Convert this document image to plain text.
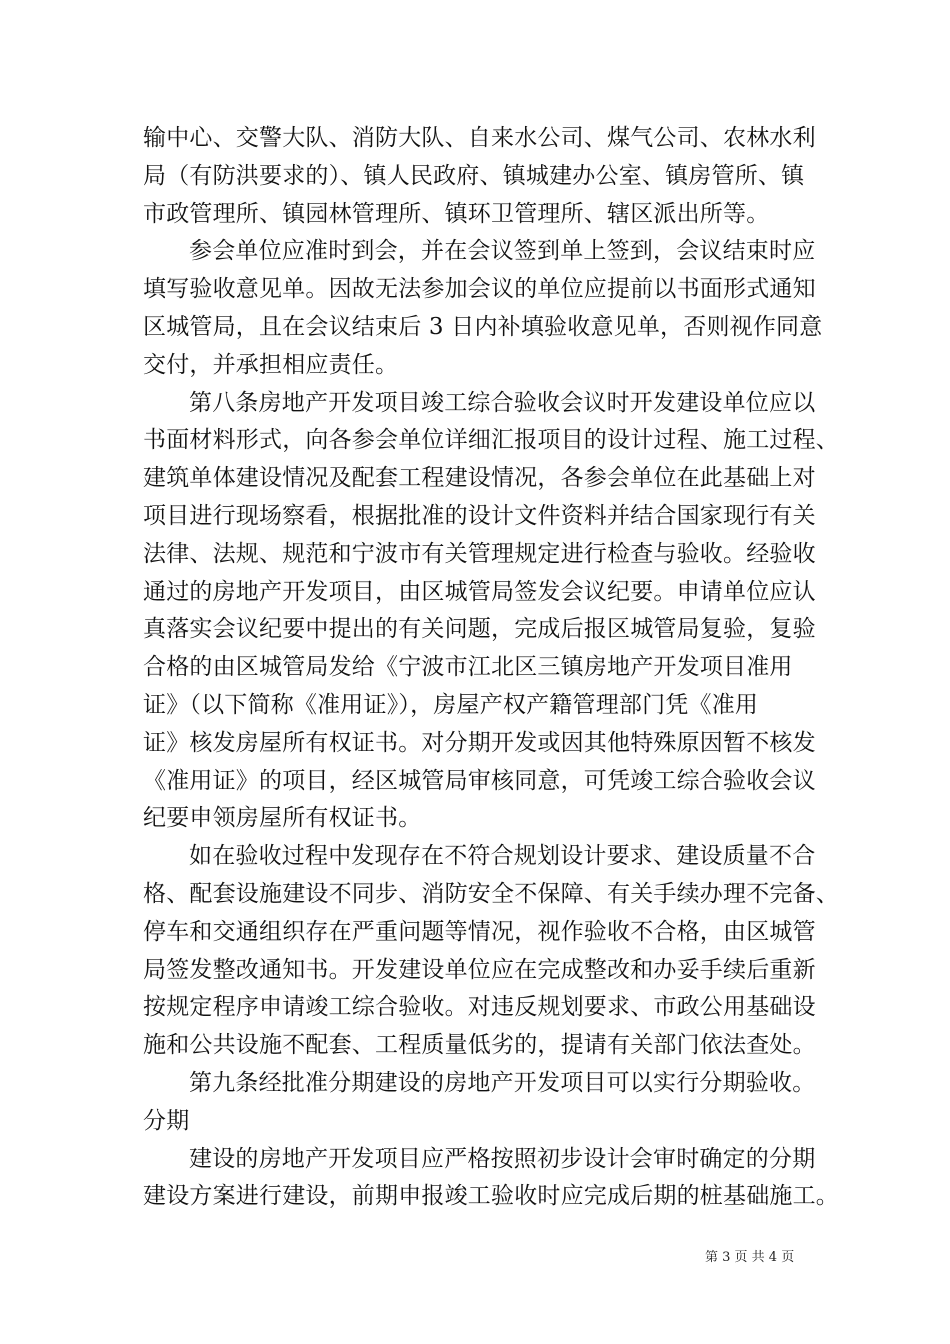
输中心、交警大队、消防大队、自来水公司、煤气公司、农林水利
局（有防洪要求的）、镇人民政府、镇城建办公室、镇房管所、镇
市政管理所、镇园林管理所、镇环卫管理所、辖区派出所等。
参会单位应准时到会，并在会议签到单上签到，会议结束时应
填写验收意见单。因故无法参加会议的单位应提前以书面形式通知
区城管局，且在会议结束后 3 日内补填验收意见单，否则视作同意
交付，并承担相应责任。
第八条房地产开发项目竣工综合验收会议时开发建设单位应以
书面材料形式，向各参会单位详细汇报项目的设计过程、施工过程、
建筑单体建设情况及配套工程建设情况，各参会单位在此基础上对
项目进行现场察看，根据批准的设计文件资料并结合国家现行有关
法律、法规、规范和宁波市有关管理规定进行检查与验收。经验收
通过的房地产开发项目，由区城管局签发会议纪要。申请单位应认
真落实会议纪要中提出的有关问题，完成后报区城管局复验，复验
合格的由区城管局发给《宁波市江北区三镇房地产开发项目准用
证》（以下简称《准用证》），房屋产权产籍管理部门凭《准用
证》核发房屋所有权证书。对分期开发或因其他特殊原因暂不核发
《准用证》的项目，经区城管局审核同意，可凭竣工综合验收会议
纪要申领房屋所有权证书。
如在验收过程中发现存在不符合规划设计要求、建设质量不合
格、配套设施建设不同步、消防安全不保障、有关手续办理不完备、
停车和交通组织存在严重问题等情况，视作验收不合格，由区城管
局签发整改通知书。开发建设单位应在完成整改和办妥手续后重新
按规定程序申请竣工综合验收。对违反规划要求、市政公用基础设
施和公共设施不配套、工程质量低劣的，提请有关部门依法查处。
第九条经批准分期建设的房地产开发项目可以实行分期验收。
分期
建设的房地产开发项目应严格按照初步设计会审时确定的分期
建设方案进行建设，前期申报竣工验收时应完成后期的桩基础施工。
第 3 页 共 4 页
